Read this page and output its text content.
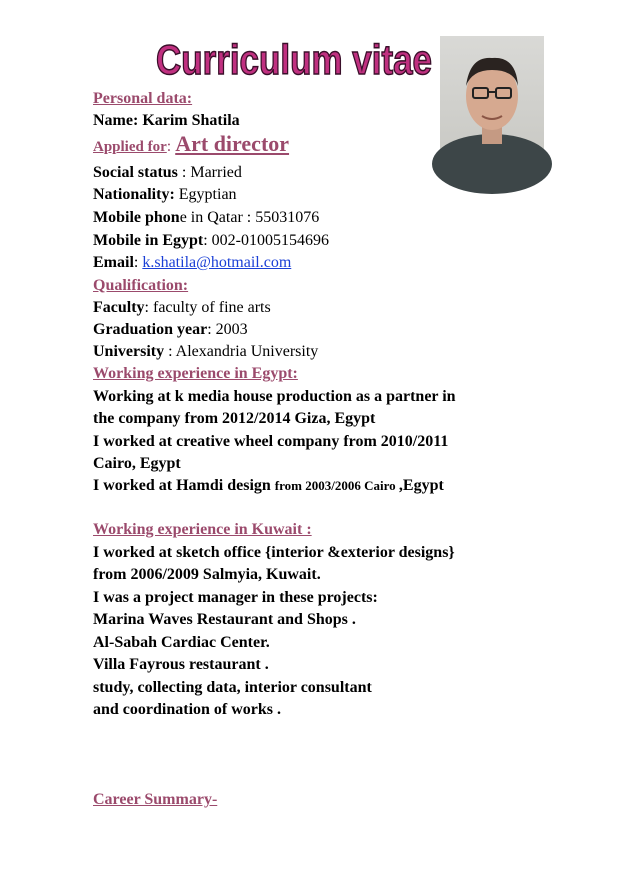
Curriculum vitae
Personal data:
Name: Karim Shatila
Applied for: Art director
Social status : Married
Nationality: Egyptian
Mobile phone in Qatar : 55031076
Mobile in Egypt: 002-01005154696
Email: k.shatila@hotmail.com
Qualification:
Faculty: faculty of fine arts
Graduation year: 2003
University : Alexandria University
Working experience in Egypt:
Working at k media house production as a partner in
the company from 2012/2014 Giza, Egypt
I worked at creative wheel company from 2010/2011
Cairo, Egypt
I worked at Hamdi design from 2003/2006 Cairo ,Egypt
Working experience in Kuwait :
I worked at sketch office {interior &exterior designs}
from 2006/2009 Salmyia, Kuwait.
I was a project manager in these projects:
Marina Waves Restaurant and Shops .
Al-Sabah Cardiac Center.
Villa Fayrous restaurant .
study, collecting data, interior consultant
and coordination of works .
Career Summary-
